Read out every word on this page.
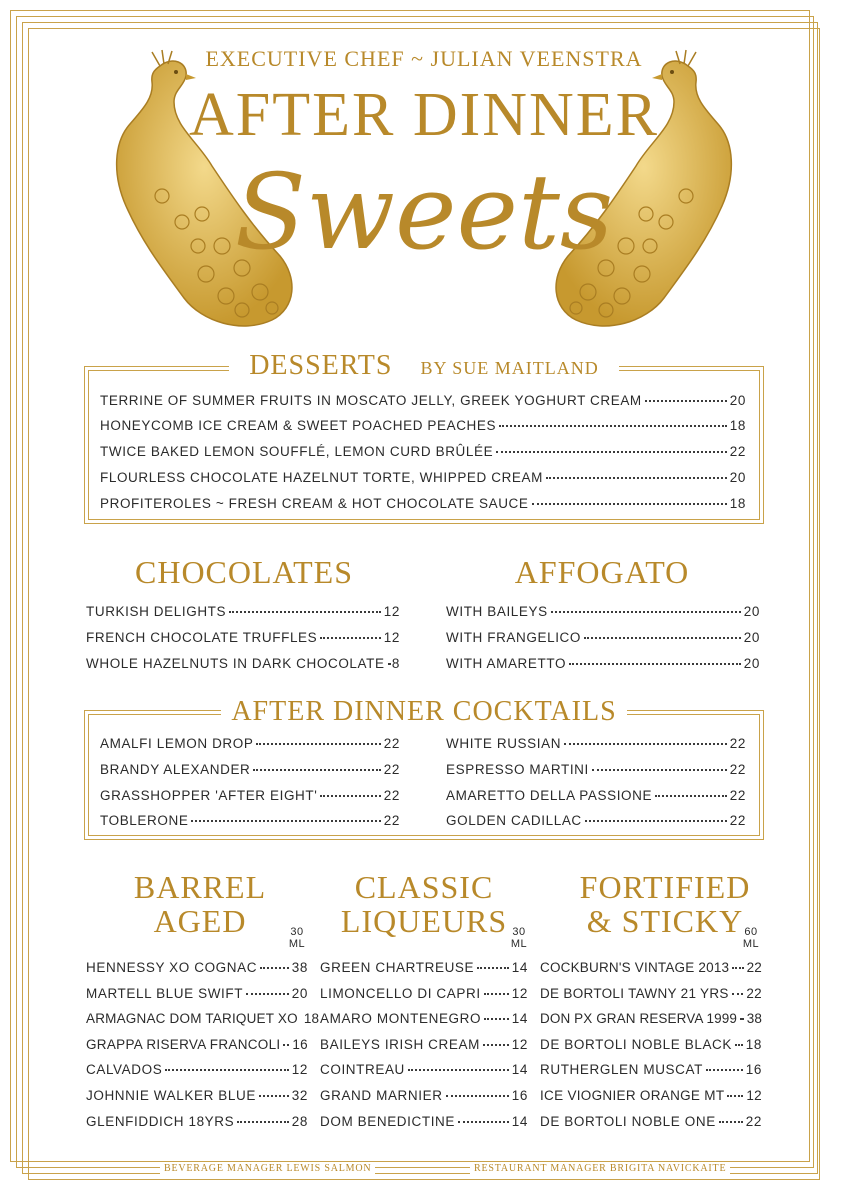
EXECUTIVE CHEF ~ JULIAN VEENSTRA
AFTER DINNER
Sweets
DESSERTS BY SUE MAITLAND
TERRINE OF SUMMER FRUITS IN MOSCATO JELLY, GREEK YOGHURT CREAM	20
HONEYCOMB ICE CREAM & SWEET POACHED PEACHES	18
TWICE BAKED LEMON SOUFFLÉ, LEMON CURD BRÛLÉE	22
FLOURLESS CHOCOLATE HAZELNUT TORTE, WHIPPED CREAM	20
PROFITEROLES ~ FRESH CREAM & HOT CHOCOLATE SAUCE	18
CHOCOLATES
TURKISH DELIGHTS	12
FRENCH CHOCOLATE TRUFFLES	12
WHOLE HAZELNUTS IN DARK CHOCOLATE 8
AFFOGATO
WITH BAILEYS	20
WITH FRANGELICO	20
WITH AMARETTO	20
AFTER DINNER COCKTAILS
AMALFI LEMON DROP	22
BRANDY ALEXANDER	22
GRASSHOPPER 'AFTER EIGHT'	22
TOBLERONE	22
WHITE RUSSIAN	22
ESPRESSO MARTINI	22
AMARETTO DELLA PASSIONE	22
GOLDEN CADILLAC	22
BARREL
AGED	30
ML
HENNESSY XO COGNAC	38
MARTELL BLUE SWIFT	20
ARMAGNAC DOM TARIQUET XO 18
GRAPPA RISERVA FRANCOLI 16
CALVADOS	12
JOHNNIE WALKER BLUE	32
GLENFIDDICH 18YRS	28
CLASSIC
LIQUEURS 30
ML
GREEN CHARTREUSE	14
LIMONCELLO DI CAPRI 12
AMARO MONTENEGRO 14
BAILEYS IRISH CREAM 12
COINTREAU	14
GRAND MARNIER	16
DOM BENEDICTINE	14
FORTIFIED
& STICKY 60
ML
COCKBURN'S VINTAGE 2013 22
DE BORTOLI TAWNY 21 YRS 22
DON PX GRAN RESERVA 1999 38
DE BORTOLI NOBLE BLACK 18
RUTHERGLEN MUSCAT	16
ICE VIOGNIER ORANGE MT 12
DE BORTOLI NOBLE ONE 22
BEVERAGE MANAGER LEWIS SALMON	RESTAURANT MANAGER BRIGITA NAVICKAITE
